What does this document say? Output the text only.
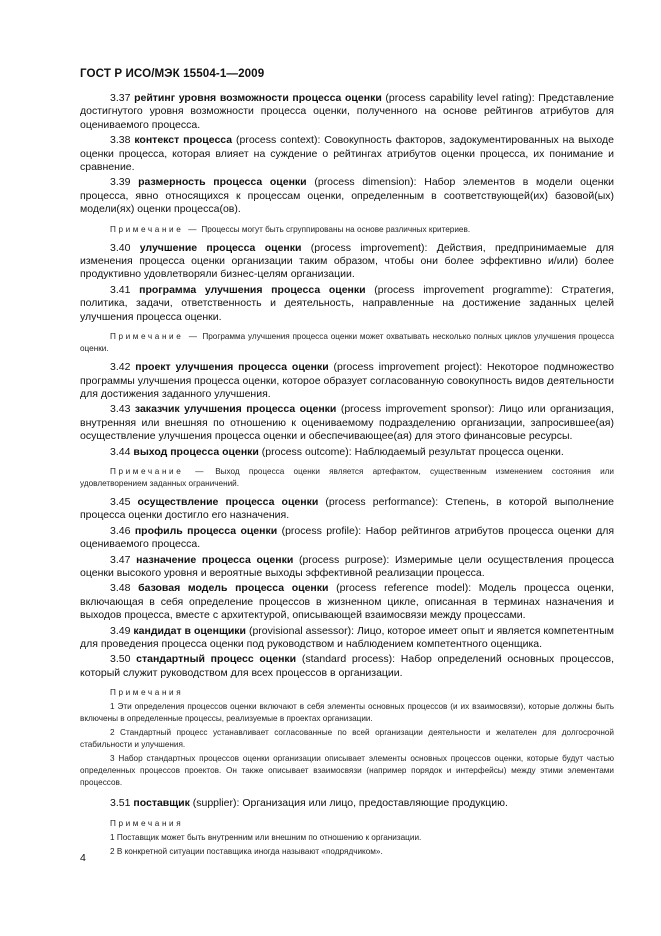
ГОСТ Р ИСО/МЭК 15504-1—2009

3.37 рейтинг уровня возможности процесса оценки (process capability level rating): Представление достигнутого уровня возможности процесса оценки, полученного на основе рейтингов атрибутов для оцениваемого процесса.

3.38 контекст процесса (process context): Совокупность факторов, задокументированных на выходе оценки процесса, которая влияет на суждение о рейтингах атрибутов оценки процесса, их понимание и сравнение.

3.39 размерность процесса оценки (process dimension): Набор элементов в модели оценки процесса, явно относящихся к процессам оценки, определенным в соответствующей(их) базовой(ых) модели(ях) оценки процесса(ов).

Примечание — Процессы могут быть сгруппированы на основе различных критериев.

3.40 улучшение процесса оценки (process improvement): Действия, предпринимаемые для изменения процесса оценки организации таким образом, чтобы они более эффективно и/или) более продуктивно удовлетворяли бизнес-целям организации.

3.41 программа улучшения процесса оценки (process improvement programme): Стратегия, политика, задачи, ответственность и деятельность, направленные на достижение заданных целей улучшения процесса оценки.

Примечание — Программа улучшения процесса оценки может охватывать несколько полных циклов улучшения процесса оценки.

3.42 проект улучшения процесса оценки (process improvement project): Некоторое подмножество программы улучшения процесса оценки, которое образует согласованную совокупность видов деятельности для достижения заданного улучшения.

3.43 заказчик улучшения процесса оценки (process improvement sponsor): Лицо или организация, внутренняя или внешняя по отношению к оцениваемому подразделению организации, запросившее(ая) осуществление улучшения процесса оценки и обеспечивающее(ая) для этого финансовые ресурсы.

3.44 выход процесса оценки (process outcome): Наблюдаемый результат процесса оценки.

Примечание — Выход процесса оценки является артефактом, существенным изменением состояния или удовлетворением заданных ограничений.

3.45 осуществление процесса оценки (process performance): Степень, в которой выполнение процесса оценки достигло его назначения.

3.46 профиль процесса оценки (process profile): Набор рейтингов атрибутов процесса оценки для оцениваемого процесса.

3.47 назначение процесса оценки (process purpose): Измеримые цели осуществления процесса оценки высокого уровня и вероятные выходы эффективной реализации процесса.

3.48 базовая модель процесса оценки (process reference model): Модель процесса оценки, включающая в себя определение процессов в жизненном цикле, описанная в терминах назначения и выходов процесса, вместе с архитектурой, описывающей взаимосвязи между процессами.

3.49 кандидат в оценщики (provisional assessor): Лицо, которое имеет опыт и является компетентным для проведения процесса оценки под руководством и наблюдением компетентного оценщика.

3.50 стандартный процесс оценки (standard process): Набор определений основных процессов, который служит руководством для всех процессов в организации.

Примечания

1 Эти определения процессов оценки включают в себя элементы основных процессов (и их взаимосвязи), которые должны быть включены в определенные процессы, реализуемые в проектах организации.

2 Стандартный процесс устанавливает согласованные по всей организации деятельности и желателен для долгосрочной стабильности и улучшения.

3 Набор стандартных процессов оценки организации описывает элементы основных процессов оценки, которые будут частью определенных процессов проектов. Он также описывает взаимосвязи (например порядок и интерфейсы) между этими элементами процессов.

3.51 поставщик (supplier): Организация или лицо, предоставляющие продукцию.

Примечания

1 Поставщик может быть внутренним или внешним по отношению к организации.

2 В конкретной ситуации поставщика иногда называют «подрядчиком».

4
